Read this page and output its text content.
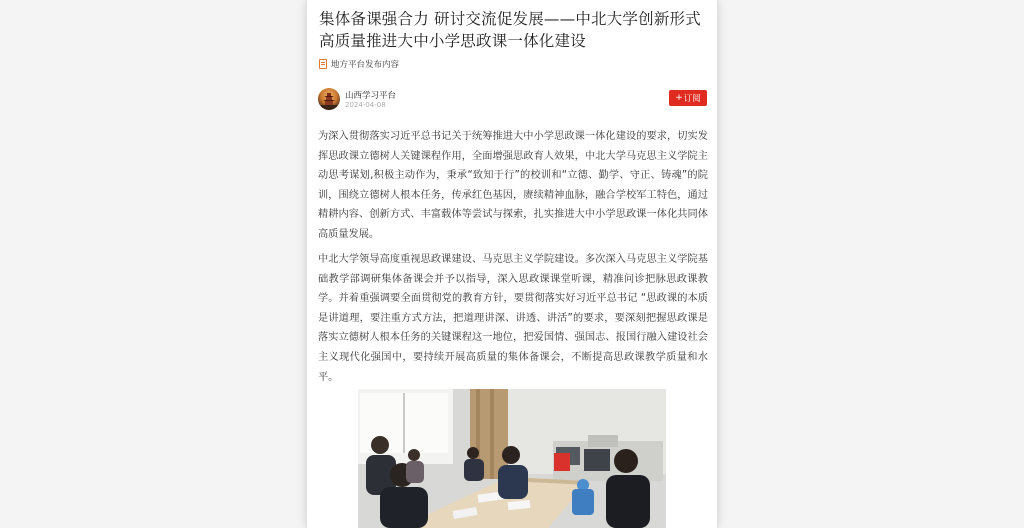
集体备课强合力 研讨交流促发展——中北大学创新形式高质量推进大中小学思政课一体化建设
地方平台发布内容
山西学习平台
2024-04-08
+ 订阅

为深入贯彻落实习近平总书记关于统筹推进大中小学思政课一体化建设的要求，切实发挥思政课立德树人关键课程作用，全面增强思政育人效果，中北大学马克思主义学院主动思考谋划,积极主动作为，秉承“致知于行”的校训和“立德、勤学、守正、铸魂”的院训，围绕立德树人根本任务，传承红色基因，赓续精神血脉，融合学校军工特色，通过精耕内容、创新方式、丰富载体等尝试与探索，扎实推进大中小学思政课一体化共同体高质量发展。

中北大学领导高度重视思政课建设、马克思主义学院建设。多次深入马克思主义学院基础教学部调研集体备课会并予以指导，深入思政课课堂听课，精准问诊把脉思政课教学。并着重强调要全面贯彻党的教育方针，要贯彻落实好习近平总书记 “思政课的本质是讲道理，要注重方式方法，把道理讲深、讲透、讲活”的要求，要深刻把握思政课是落实立德树人根本任务的关键课程这一地位，把爱国情、强国志、报国行融入建设社会主义现代化强国中，要持续开展高质量的集体备课会，不断提高思政课教学质量和水平。
